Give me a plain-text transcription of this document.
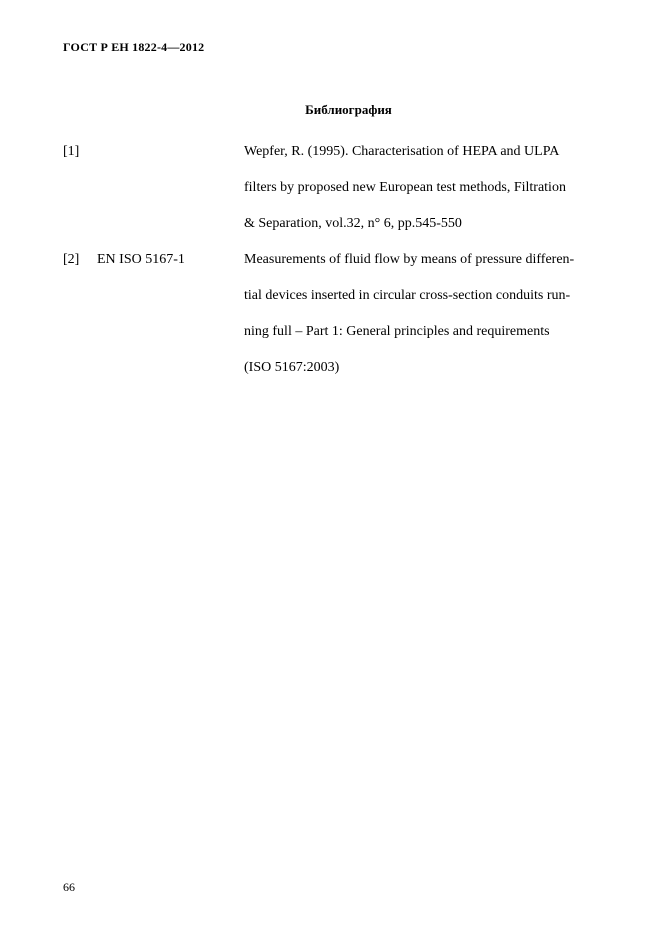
ГОСТ Р ЕН 1822-4—2012
Библиография
[1]	Wepfer, R. (1995). Characterisation of HEPA and ULPA
filters by proposed new European test methods, Filtration
& Separation, vol.32, n° 6, pp.545-550
[2] EN ISO 5167-1	Measurements of fluid flow by means of pressure differen-
tial devices inserted in circular cross-section conduits run-
ning full – Part 1: General principles and requirements
(ISO 5167:2003)
66
